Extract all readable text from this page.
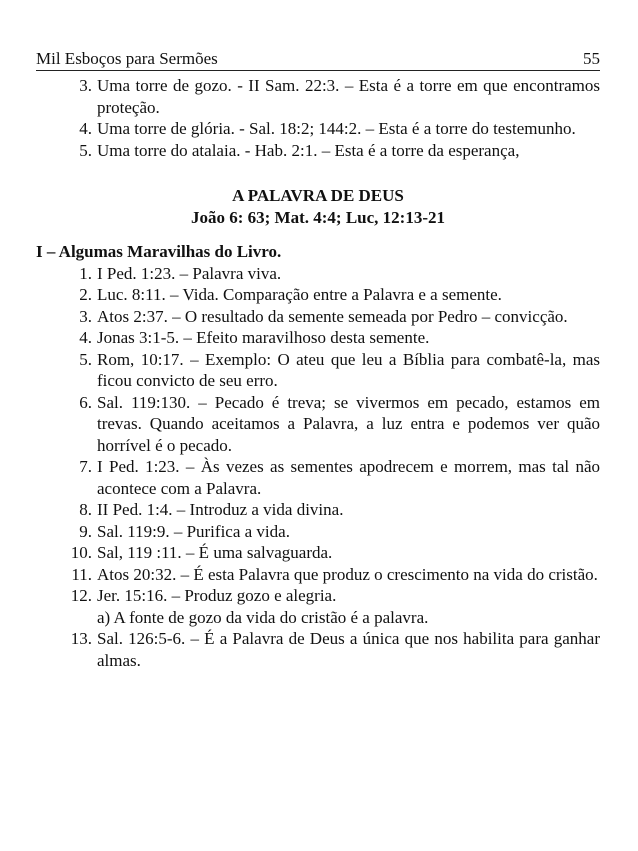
Mil Esboços para Sermões	55
3. Uma torre de gozo. - II Sam. 22:3. – Esta é a torre em que encontramos proteção.
4. Uma torre de glória. - Sal. 18:2; 144:2. – Esta é a torre do testemunho.
5. Uma torre do atalaia. - Hab. 2:1. – Esta é a torre da esperança,
A PALAVRA DE DEUS
João 6: 63; Mat. 4:4; Luc, 12:13-21
I – Algumas Maravilhas do Livro.
1. I Ped. 1:23. – Palavra viva.
2. Luc. 8:11. – Vida. Comparação entre a Palavra e a semente.
3. Atos 2:37. – O resultado da semente semeada por Pedro – convicção.
4. Jonas 3:1-5. – Efeito maravilhoso desta semente.
5. Rom, 10:17. – Exemplo: O ateu que leu a Bíblia para combatê-la, mas ficou convicto de seu erro.
6. Sal. 119:130. – Pecado é treva; se vivermos em pecado, estamos em trevas. Quando aceitamos a Palavra, a luz entra e podemos ver quão horrível é o pecado.
7. I Ped. 1:23. – Às vezes as sementes apodrecem e morrem, mas tal não acontece com a Palavra.
8. II Ped. 1:4. – Introduz a vida divina.
9. Sal. 119:9. – Purifica a vida.
10. Sal, 119 :11. – É uma salvaguarda.
11. Atos 20:32. – É esta Palavra que produz o crescimento na vida do cristão.
12. Jer. 15:16. – Produz gozo e alegria.
a) A fonte de gozo da vida do cristão é a palavra.
13. Sal. 126:5-6. – É a Palavra de Deus a única que nos habilita para ganhar almas.
